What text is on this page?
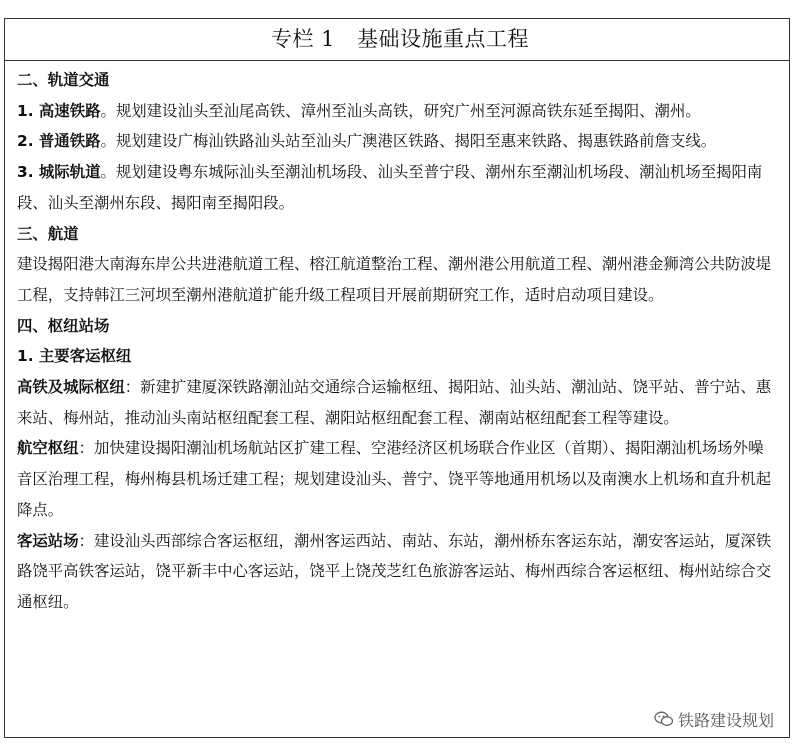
专栏 1 基础设施重点工程

二、轨道交通

1. 高速铁路。规划建设汕头至汕尾高铁、漳州至汕头高铁，研究广州至河源高铁东延至揭阳、潮州。

2. 普通铁路。规划建设广梅汕铁路汕头站至汕头广澳港区铁路、揭阳至惠来铁路、揭惠铁路前詹支线。

3. 城际轨道。规划建设粤东城际汕头至潮汕机场段、汕头至普宁段、潮州东至潮汕机场段、潮汕机场至揭阳南段、汕头至潮州东段、揭阳南至揭阳段。

三、航道

建设揭阳港大南海东岸公共进港航道工程、榕江航道整治工程、潮州港公用航道工程、潮州港金狮湾公共防波堤工程，支持韩江三河坝至潮州港航道扩能升级工程项目开展前期研究工作，适时启动项目建设。

四、枢纽站场

1. 主要客运枢纽

高铁及城际枢纽：新建扩建厦深铁路潮汕站交通综合运输枢纽、揭阳站、汕头站、潮汕站、饶平站、普宁站、惠来站、梅州站，推动汕头南站枢纽配套工程、潮阳站枢纽配套工程、潮南站枢纽配套工程等建设。

航空枢纽：加快建设揭阳潮汕机场航站区扩建工程、空港经济区机场联合作业区（首期）、揭阳潮汕机场场外噪音区治理工程，梅州梅县机场迁建工程；规划建设汕头、普宁、饶平等地通用机场以及南澳水上机场和直升机起降点。

客运站场：建设汕头西部综合客运枢纽，潮州客运西站、南站、东站，潮州桥东客运东站，潮安客运站，厦深铁路饶平高铁客运站，饶平新丰中心客运站，饶平上饶茂芝红色旅游客运站、梅州西综合客运枢纽、梅州站综合交通枢纽。

铁路建设规划
